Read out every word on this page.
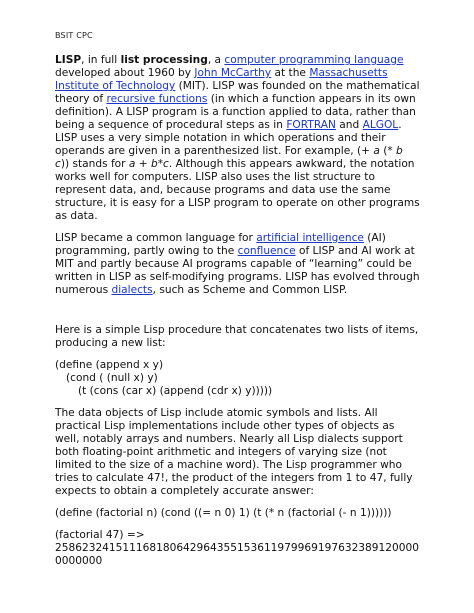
BSIT CPC

LISP, in full list processing, a computer programming language developed about 1960 by John McCarthy at the Massachusetts Institute of Technology (MIT). LISP was founded on the mathematical theory of recursive functions (in which a function appears in its own definition). A LISP program is a function applied to data, rather than being a sequence of procedural steps as in FORTRAN and ALGOL. LISP uses a very simple notation in which operations and their operands are given in a parenthesized list. For example, (+ a (* b c)) stands for a + b*c. Although this appears awkward, the notation works well for computers. LISP also uses the list structure to represent data, and, because programs and data use the same structure, it is easy for a LISP program to operate on other programs as data.

LISP became a common language for artificial intelligence (AI) programming, partly owing to the confluence of LISP and AI work at MIT and partly because AI programs capable of “learning” could be written in LISP as self-modifying programs. LISP has evolved through numerous dialects, such as Scheme and Common LISP.

Here is a simple Lisp procedure that concatenates two lists of items, producing a new list:

(define (append x y)
(cond ( (null x) y)
(t (cons (car x) (append (cdr x) y)))))

The data objects of Lisp include atomic symbols and lists. All practical Lisp implementations include other types of objects as well, notably arrays and numbers. Nearly all Lisp dialects support both floating-point arithmetic and integers of varying size (not limited to the size of a machine word). The Lisp programmer who tries to calculate 47!, the product of the integers from 1 to 47, fully expects to obtain a completely accurate answer:

(define (factorial n) (cond ((= n 0) 1) (t (* n (factorial (- n 1))))))
(factorial 47) =>
2586232415111681806429643551536119799691976323891200000000000
